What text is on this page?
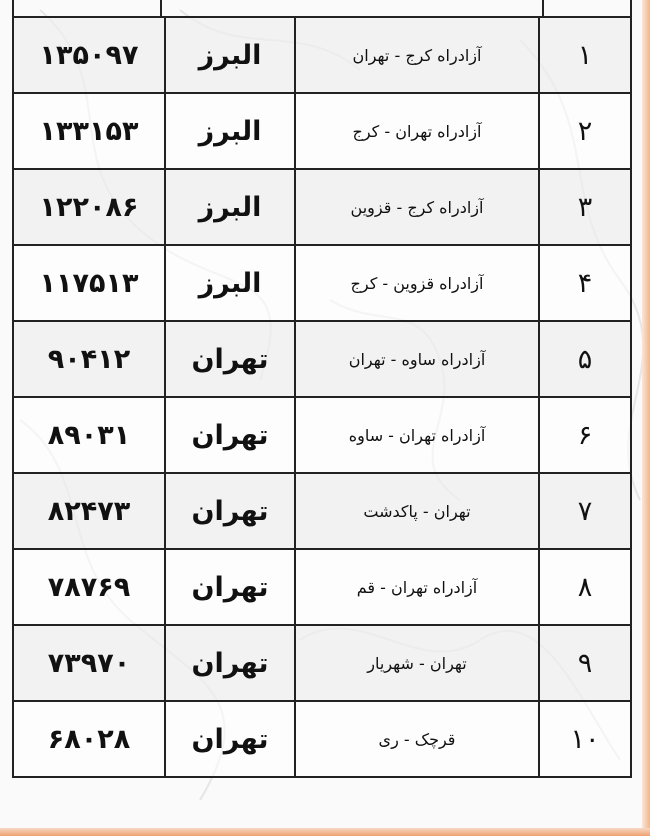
۱	آزادراه کرج - تهران	البرز	۱۳۵۰۹۷
۲	آزادراه تهران - کرج	البرز	۱۳۳۱۵۳
۳	آزادراه کرج - قزوین	البرز	۱۲۲۰۸۶
۴	آزادراه قزوین - کرج	البرز	۱۱۷۵۱۳
۵	آزادراه ساوه - تهران	تهران	۹۰۴۱۲
۶	آزادراه تهران - ساوه	تهران	۸۹۰۳۱
۷	تهران - پاکدشت	تهران	۸۲۴۷۳
۸	آزادراه تهران - قم	تهران	۷۸۷۶۹
۹	تهران - شهریار	تهران	۷۳۹۷۰
۱۰	قرچک - ری	تهران	۶۸۰۲۸
